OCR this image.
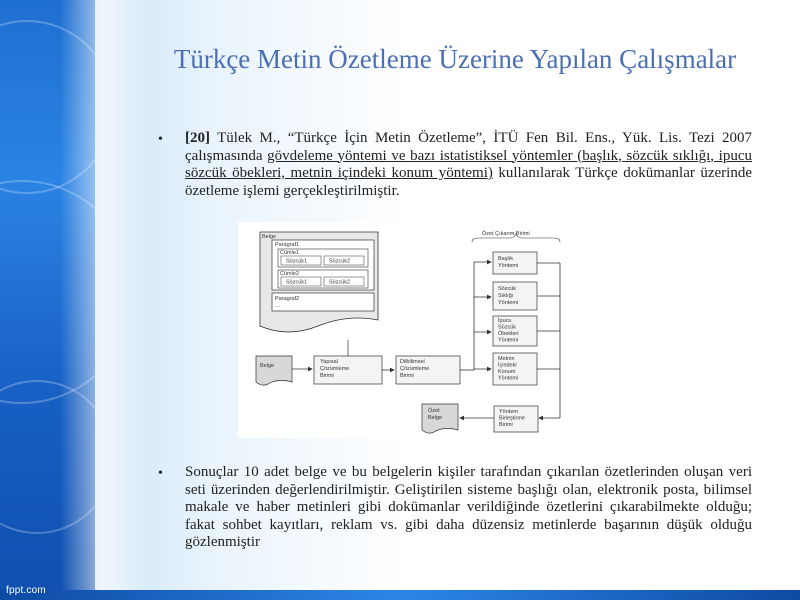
Türkçe Metin Özetleme Üzerine Yapılan Çalışmalar
• [20] Tülek M., “Türkçe İçin Metin Özetleme”, İTÜ Fen Bil. Ens., Yük. Lis. Tezi 2007 çalışmasında gövdeleme yöntemi ve bazı istatistiksel yöntemler (başlık, sözcük sıklığı, ipucu sözcük öbekleri, metnin içindeki konum yöntemi) kullanılarak Türkçe dokümanlar üzerinde özetleme işlemi gerçekleştirilmiştir.
Belge
Paragraf1
Cümle1
Sözcük1	Sözcük2
Cümle2
Sözcük1	Sözcük2
Paragraf2
…
Belge
Yapısal
Çözümleme
Birimi
Dilbilimsel
Çözümleme
Birimi
Özet Çıkarım Birimi
Başlık
Yöntemi
Sözcük
Sıklığı
Yöntemi
İpucu
Sözcük
Öbekleri
Yöntemi
Metnin
İçindeki
Konum
Yöntemi
Yöntem
Birleştirme
Birimi
Özet
Belge
• Sonuçlar 10 adet belge ve bu belgelerin kişiler tarafından çıkarılan özetlerinden oluşan veri seti üzerinden değerlendirilmiştir. Geliştirilen sisteme başlığı olan, elektronik posta, bilimsel makale ve haber metinleri gibi dokümanlar verildiğinde özetlerini çıkarabilmekte olduğu; fakat sohbet kayıtları, reklam vs. gibi daha düzensiz metinlerde başarının düşük olduğu gözlenmiştir
fppt.com
